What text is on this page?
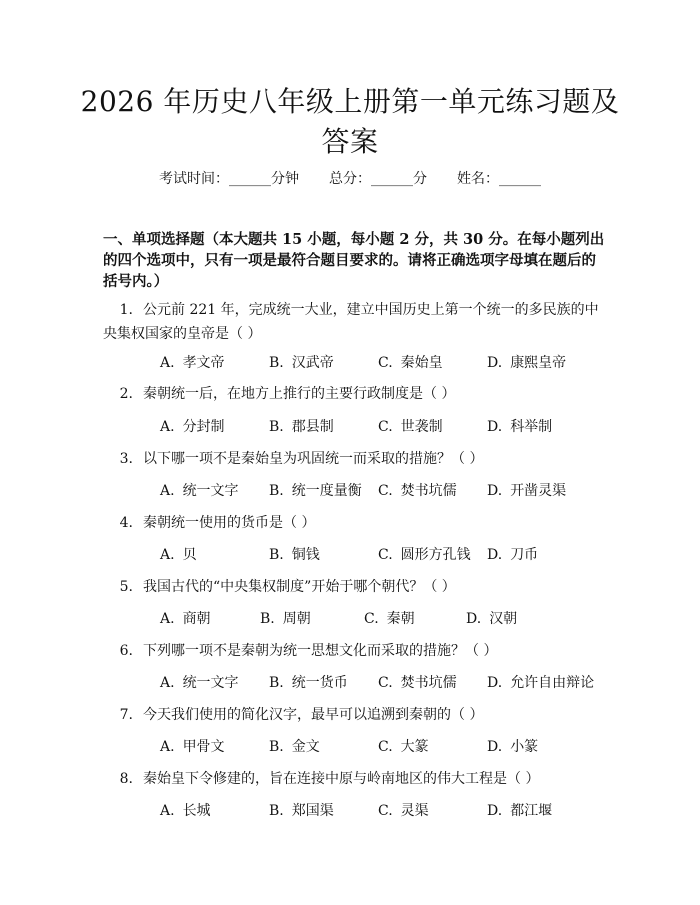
2026 年历史八年级上册第一单元练习题及答案
考试时间：______分钟 总分：______分 姓名：______
一、单项选择题（本大题共 15 小题，每小题 2 分，共 30 分。在每小题列出的四个选项中，只有一项是最符合题目要求的。请将正确选项字母填在题后的括号内。）
1. 公元前 221 年，完成统一大业，建立中国历史上第一个统一的多民族的中
央集权国家的皇帝是（ ）
A. 孝文帝	B. 汉武帝	C. 秦始皇	D. 康熙皇帝
2. 秦朝统一后，在地方上推行的主要行政制度是（ ）
A. 分封制	B. 郡县制	C. 世袭制	D. 科举制
3. 以下哪一项不是秦始皇为巩固统一而采取的措施？（ ）
A. 统一文字 B. 统一度量衡 C. 焚书坑儒 D. 开凿灵渠
4. 秦朝统一使用的货币是（ ）
A. 贝	B. 铜钱	C. 圆形方孔钱 D. 刀币
5. 我国古代的“中央集权制度”开始于哪个朝代？（ ）
A. 商朝	B. 周朝	C. 秦朝	D. 汉朝
6. 下列哪一项不是秦朝为统一思想文化而采取的措施？（ ）
A. 统一文字 B. 统一货币 C. 焚书坑儒 D. 允许自由辩论
7. 今天我们使用的简化汉字，最早可以追溯到秦朝的（ ）
A. 甲骨文	B. 金文	C. 大篆	D. 小篆
8. 秦始皇下令修建的，旨在连接中原与岭南地区的伟大工程是（ ）
A. 长城	B. 郑国渠	C. 灵渠	D. 都江堰
